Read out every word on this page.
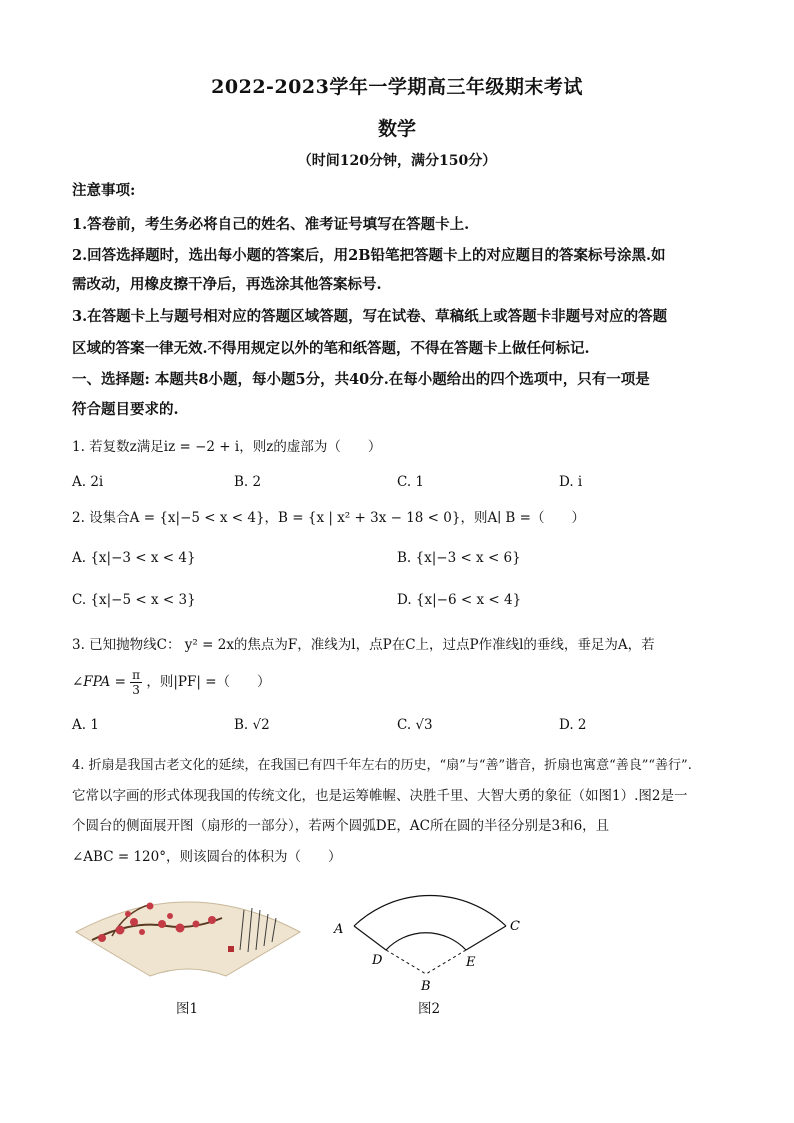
2022-2023学年一学期高三年级期末考试
数学
（时间120分钟，满分150分）
注意事项:
1.答卷前，考生务必将自己的姓名、准考证号填写在答题卡上.
2.回答选择题时，选出每小题的答案后，用2B铅笔把答题卡上的对应题目的答案标号涂黑.如
需改动，用橡皮擦干净后，再选涂其他答案标号.
3.在答题卡上与题号相对应的答题区域答题，写在试卷、草稿纸上或答题卡非题号对应的答题
区域的答案一律无效.不得用规定以外的笔和纸答题，不得在答题卡上做任何标记.
一、选择题: 本题共8小题，每小题5分，共40分.在每小题给出的四个选项中，只有一项是
符合题目要求的.
1. 若复数z满足iz = −2 + i，则z的虚部为（　　）
A. 2i	B. 2	C. 1	D. i
2. 设集合A = {x|−5 < x < 4}，B = {x | x² + 3x − 18 < 0}，则A∣ B =（　　）
A. {x|−3 < x < 4}	B. {x|−3 < x < 6}
C. {x|−5 < x < 3}	D. {x|−6 < x < 4}
3. 已知抛物线C： y² = 2x的焦点为F，准线为l，点P在C上，过点P作准线l的垂线，垂足为A，若
∠FPA = $\frac{\pi}{3}$ ，则|PF| =（　　）
A. 1	B. √2	C. √3	D. 2
4. 折扇是我国古老文化的延续，在我国已有四千年左右的历史，“扇”与“善”谐音，折扇也寓意“善良”“善行”.
它常以字画的形式体现我国的传统文化，也是运筹帷幄、决胜千里、大智大勇的象征（如图1）.图2是一
个圆台的侧面展开图（扇形的一部分），若两个圆弧DE，AC所在圆的半径分别是3和6，且
∠ABC = 120°，则该圆台的体积为（　　）
图1
A	C
D	E
B
图2
